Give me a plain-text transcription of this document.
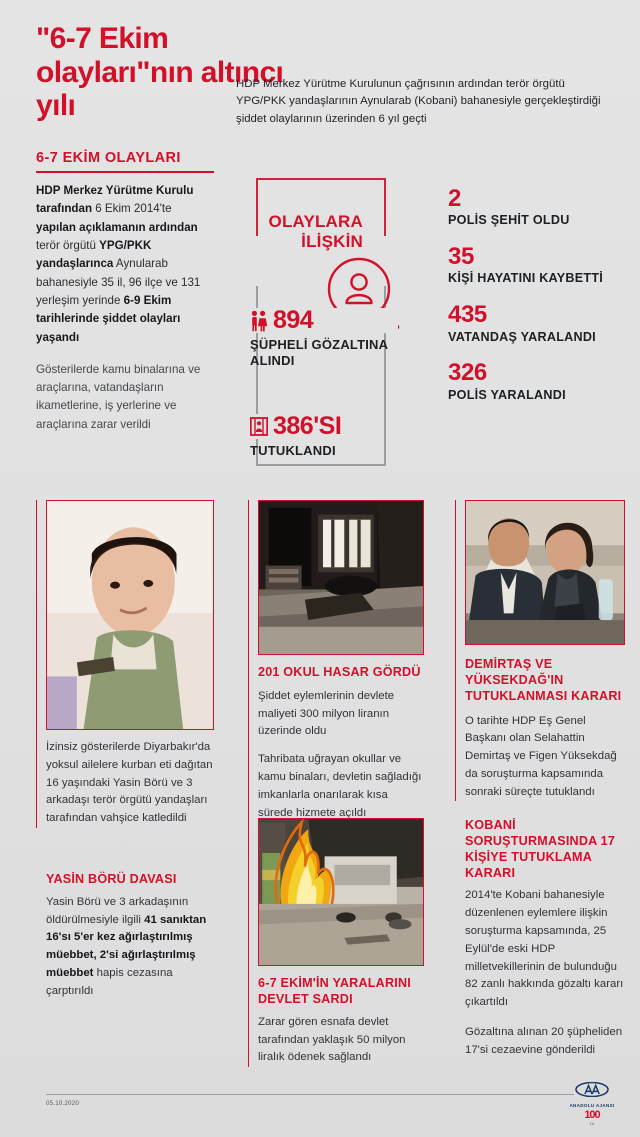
"6-7 Ekim olayları"nın altıncı yılı
HDP Merkez Yürütme Kurulunun çağrısının ardından terör örgütü YPG/PKK yandaşlarının Aynularab (Kobani) bahanesiyle gerçekleştirdiği şiddet olaylarının üzerinden 6 yıl geçti
6-7 EKİM OLAYLARI
HDP Merkez Yürütme Kurulu tarafından 6 Ekim 2014'te yapılan açıklamanın ardından terör örgütü YPG/PKK yandaşlarınca Aynularab bahanesiyle 35 il, 96 ilçe ve 131 yerleşim yerinde 6-9 Ekim tarihlerinde şiddet olayları yaşandı
Gösterilerde kamu binalarına ve araçlarına, vatandaşların ikametlerine, iş yerlerine ve araçlarına zarar verildi
OLAYLARA
İLİŞKİN
894
ŞÜPHELİ GÖZALTINA ALINDI
386'SI
TUTUKLANDI
2
POLİS ŞEHİT OLDU
35
KİŞİ HAYATINI KAYBETTİ
435
VATANDAŞ YARALANDI
326
POLİS YARALANDI
İzinsiz gösterilerde Diyarbakır'da yoksul ailelere kurban eti dağıtan 16 yaşındaki Yasin Börü ve 3 arkadaşı terör örgütü yandaşları tarafından vahşice katledildi
YASİN BÖRÜ DAVASI
Yasin Börü ve 3 arkadaşının öldürülmesiyle ilgili 41 sanıktan 16'sı 5'er kez ağırlaştırılmış müebbet, 2'si ağırlaştırılmış müebbet hapis cezasına çarptırıldı
201 OKUL HASAR GÖRDÜ
Şiddet eylemlerinin devlete maliyeti 300 milyon liranın üzerinde oldu
Tahribata uğrayan okullar ve kamu binaları, devletin sağladığı imkanlarla onarılarak kısa sürede hizmete açıldı
6-7 EKİM'İN YARALARINI DEVLET SARDI
Zarar gören esnafa devlet tarafından yaklaşık 50 milyon liralık ödenek sağlandı
DEMİRTAŞ VE YÜKSEKDAĞ'IN TUTUKLANMASI KARARI
O tarihte HDP Eş Genel Başkanı olan Selahattin Demirtaş ve Figen Yüksekdağ da soruşturma kapsamında sonraki süreçte tutuklandı
KOBANİ SORUŞTURMASINDA 17 KİŞİYE TUTUKLAMA KARARI
2014'te Kobani bahanesiyle düzenlenen eylemlere ilişkin soruşturma kapsamında, 25 Eylül'de eski HDP milletvekillerinin de bulunduğu 82 zanlı hakkında gözaltı kararı çıkartıldı
Gözaltına alınan 20 şüpheliden 17'si cezaevine gönderildi
05.10.2020	ANADOLU AJANSI
100
YIL
